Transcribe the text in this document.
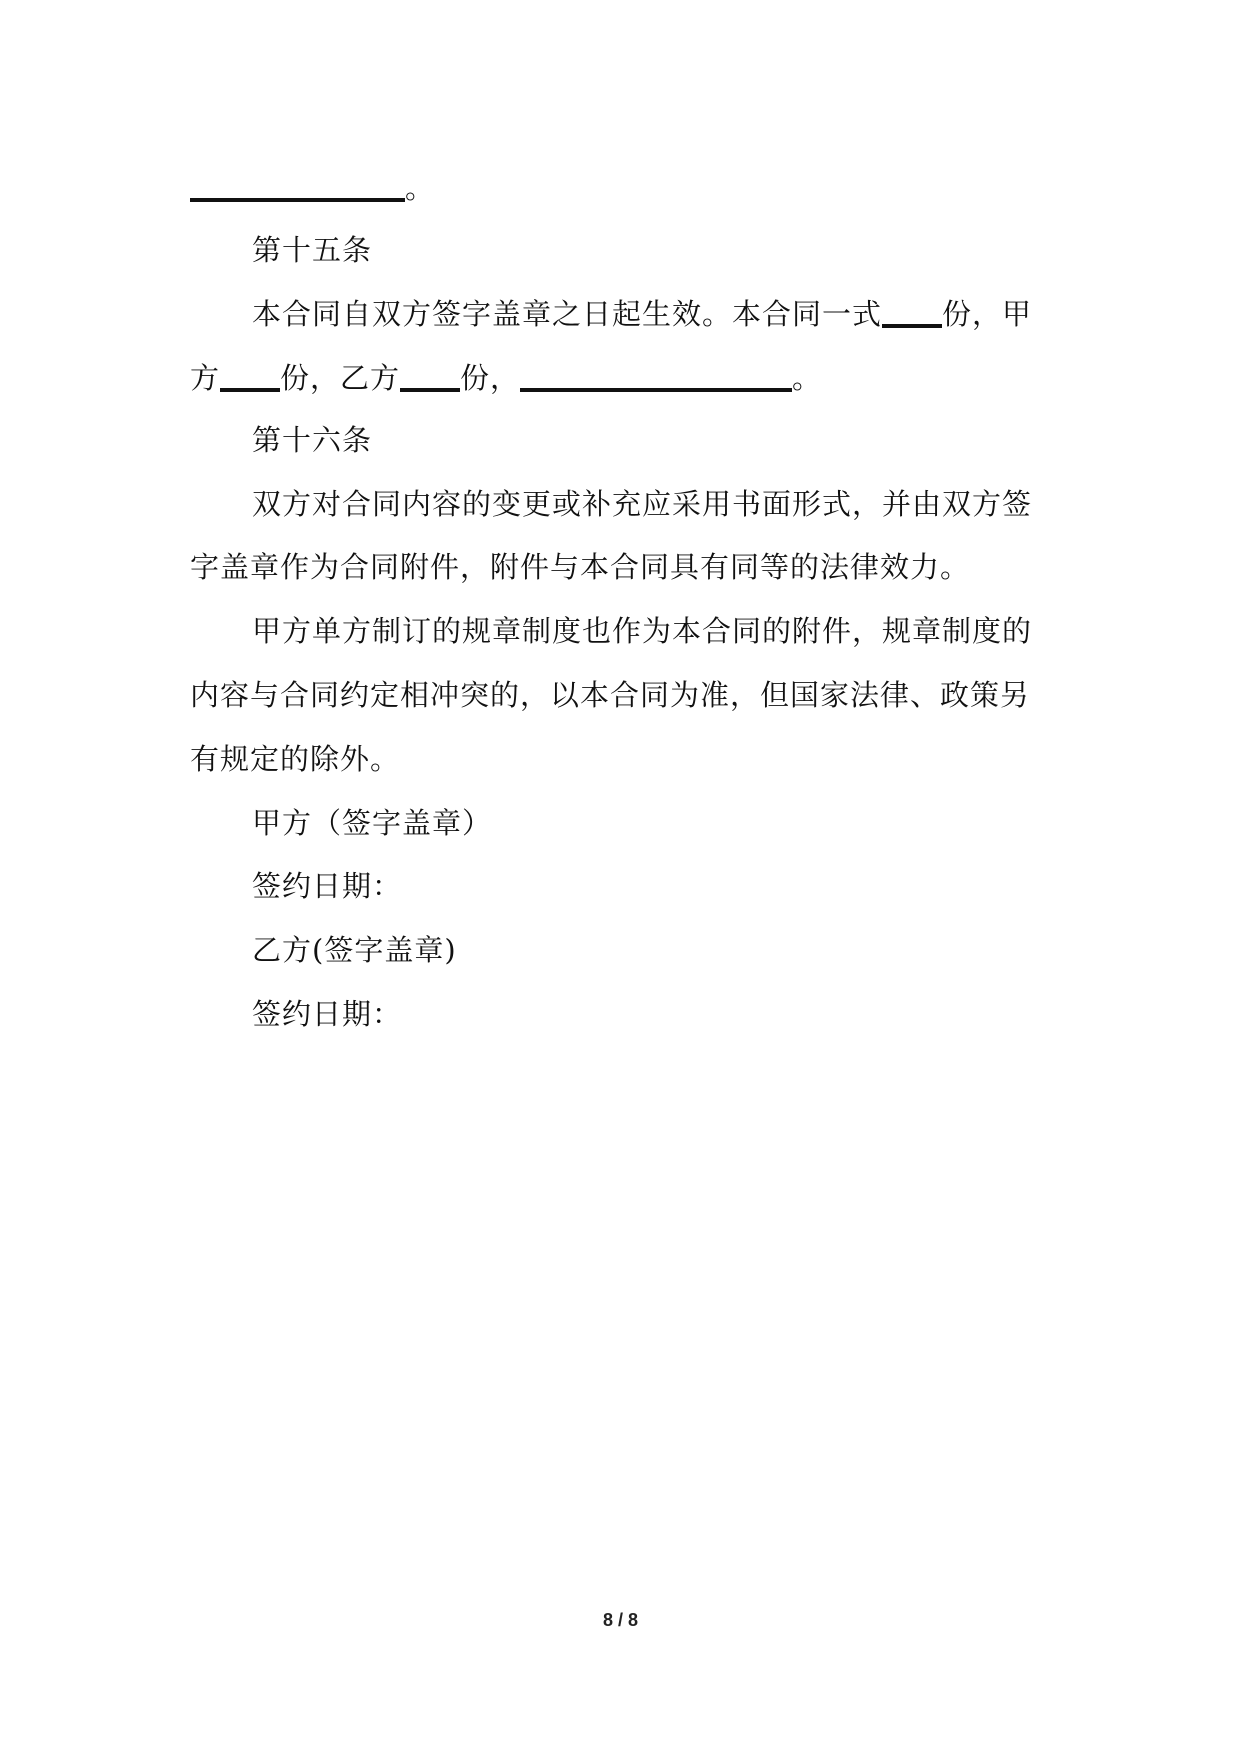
。
第十五条
本合同自双方签字盖章之日起生效。本合同一式 份，甲
方 份，乙方 份，	。
第十六条
双方对合同内容的变更或补充应采用书面形式，并由双方签
字盖章作为合同附件，附件与本合同具有同等的法律效力。
甲方单方制订的规章制度也作为本合同的附件，规章制度的
内容与合同约定相冲突的，以本合同为准，但国家法律、政策另
有规定的除外。
甲方（签字盖章）
签约日期：
乙方(签字盖章)
签约日期：
8 / 8
